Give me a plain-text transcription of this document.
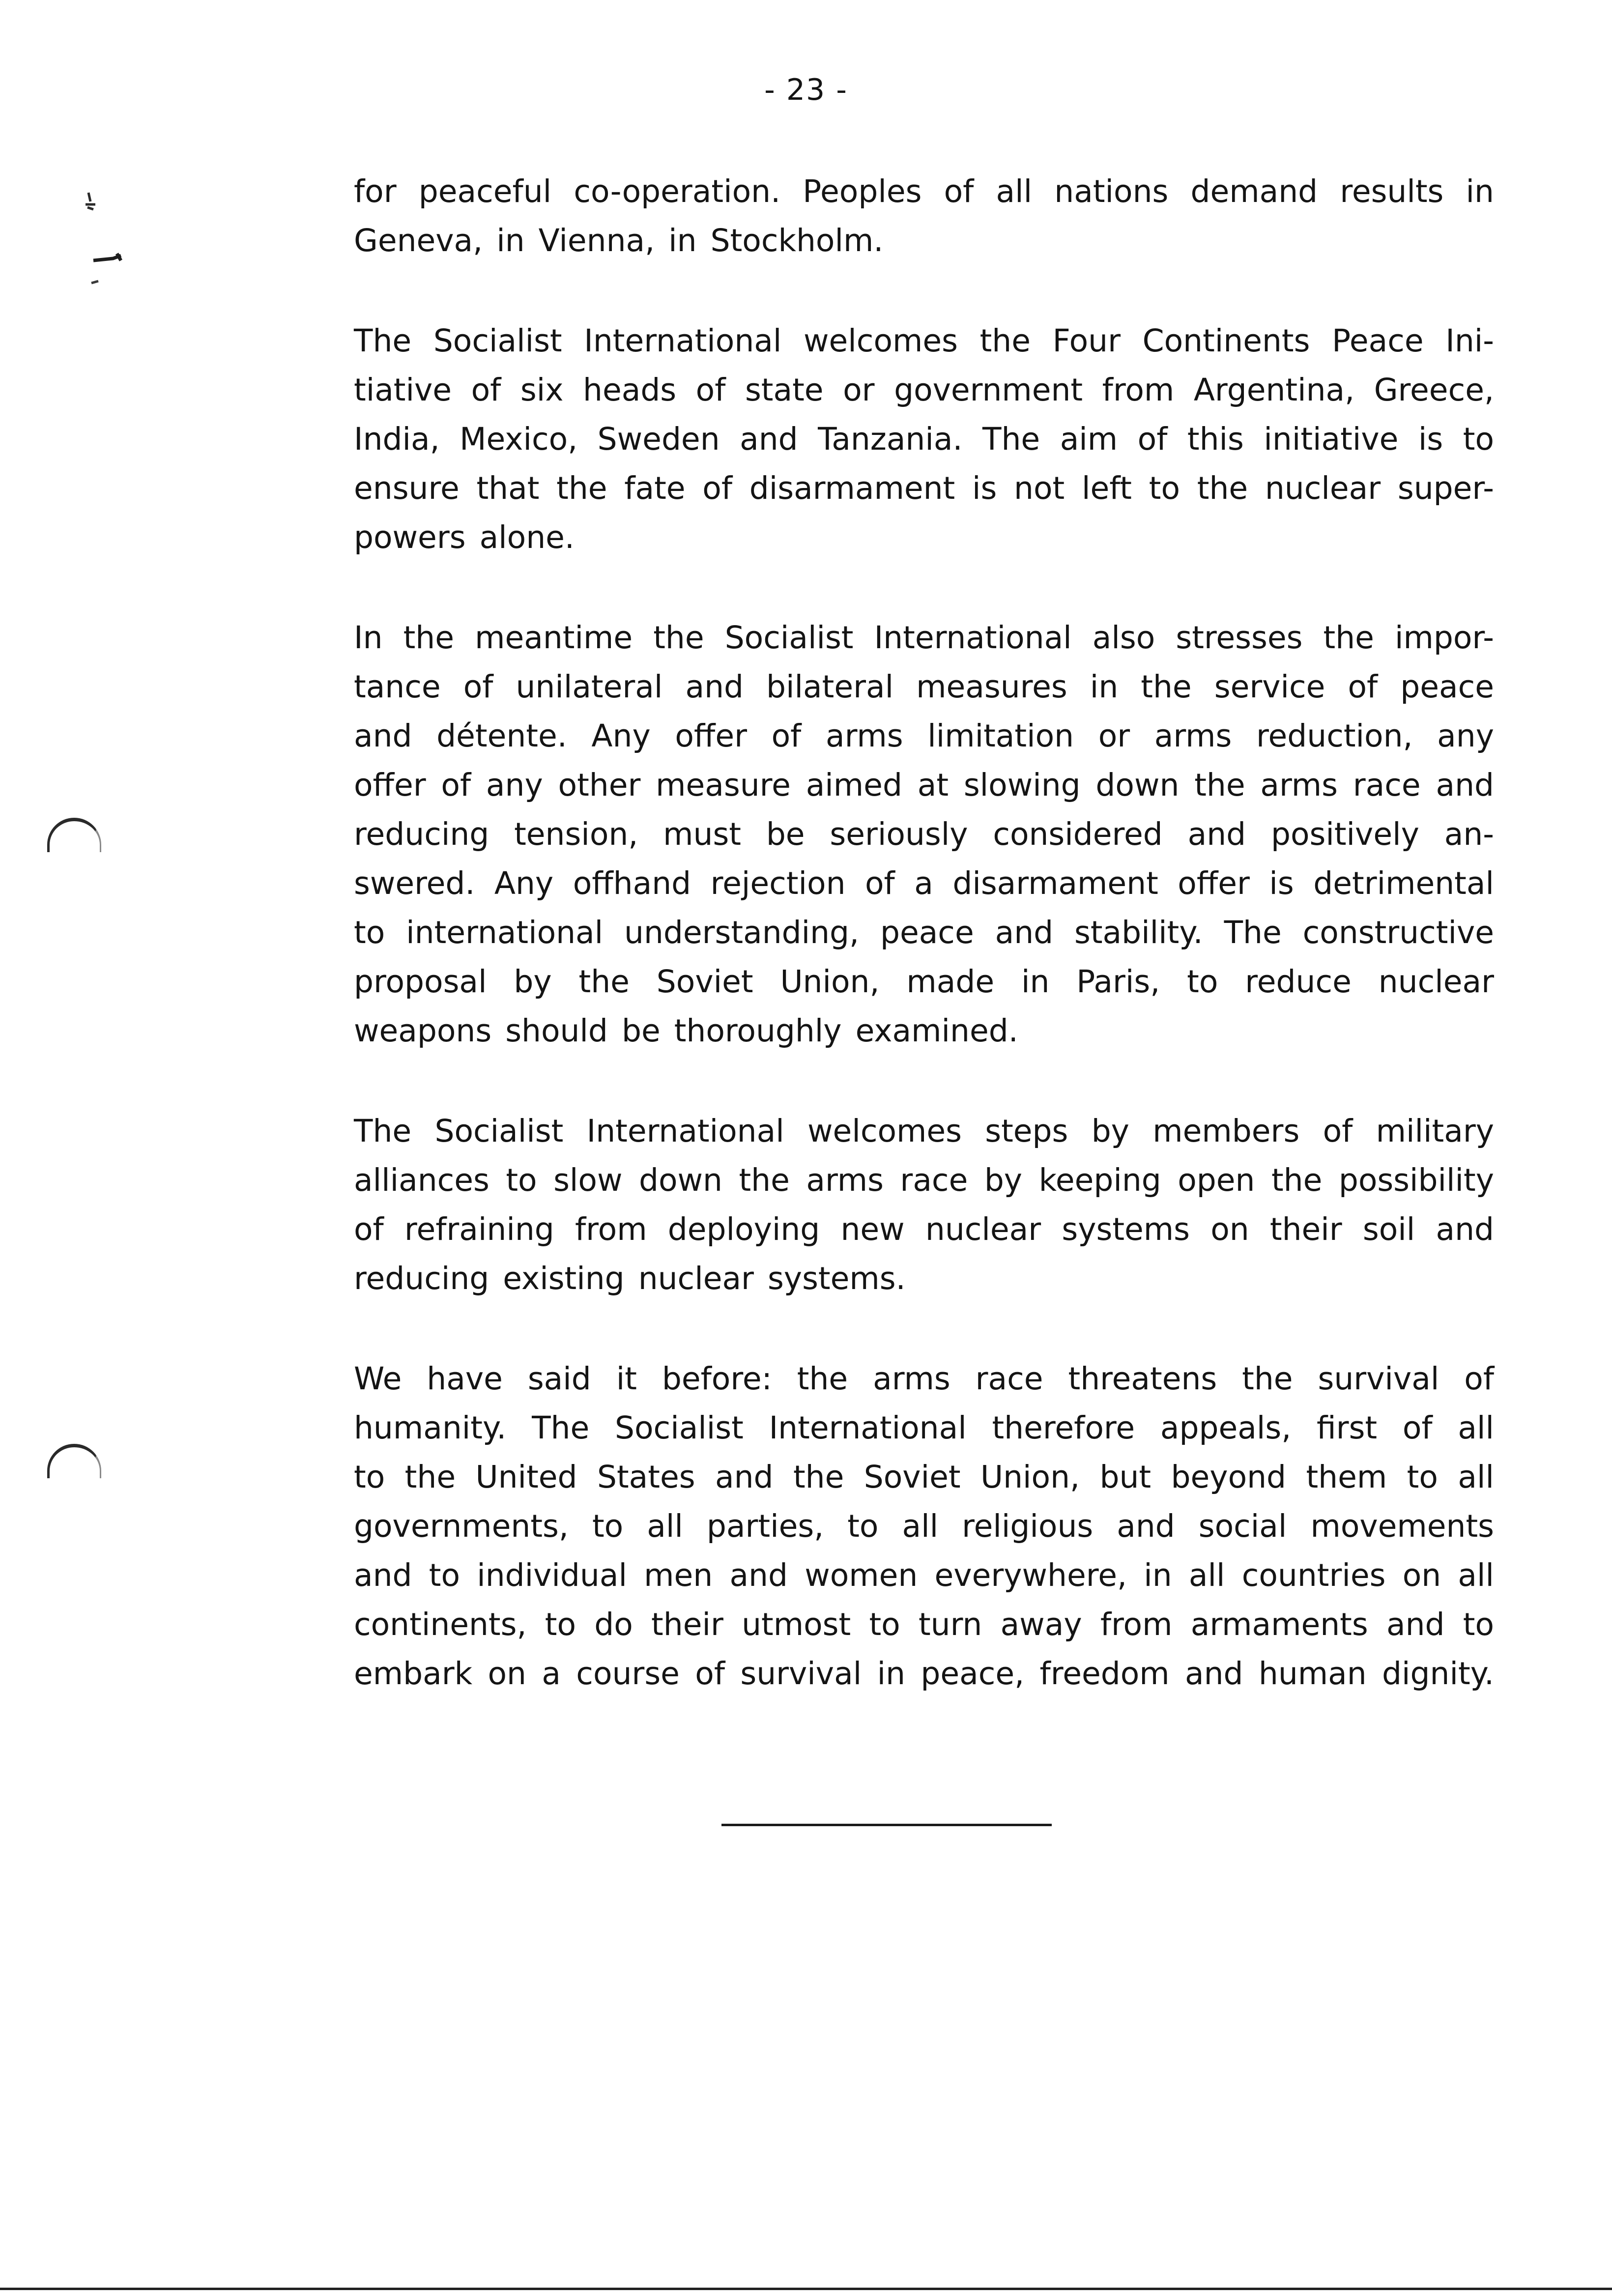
- 23 -
for peaceful co-operation. Peoples of all nations demand results in
Geneva, in Vienna, in Stockholm.
The Socialist International welcomes the Four Continents Peace Ini-
tiative of six heads of state or government from Argentina, Greece,
India, Mexico, Sweden and Tanzania. The aim of this initiative is to
ensure that the fate of disarmament is not left to the nuclear super-
powers alone.
In the meantime the Socialist International also stresses the impor-
tance of unilateral and bilateral measures in the service of peace
and détente. Any offer of arms limitation or arms reduction, any
offer of any other measure aimed at slowing down the arms race and
reducing tension, must be seriously considered and positively an-
swered. Any offhand rejection of a disarmament offer is detrimental
to international understanding, peace and stability. The constructive
proposal by the Soviet Union, made in Paris, to reduce nuclear
weapons should be thoroughly examined.
The Socialist International welcomes steps by members of military
alliances to slow down the arms race by keeping open the possibility
of refraining from deploying new nuclear systems on their soil and
reducing existing nuclear systems.
We have said it before: the arms race threatens the survival of
humanity. The Socialist International therefore appeals, first of all
to the United States and the Soviet Union, but beyond them to all
governments, to all parties, to all religious and social movements
and to individual men and women everywhere, in all countries on all
continents, to do their utmost to turn away from armaments and to
embark on a course of survival in peace, freedom and human dignity.
